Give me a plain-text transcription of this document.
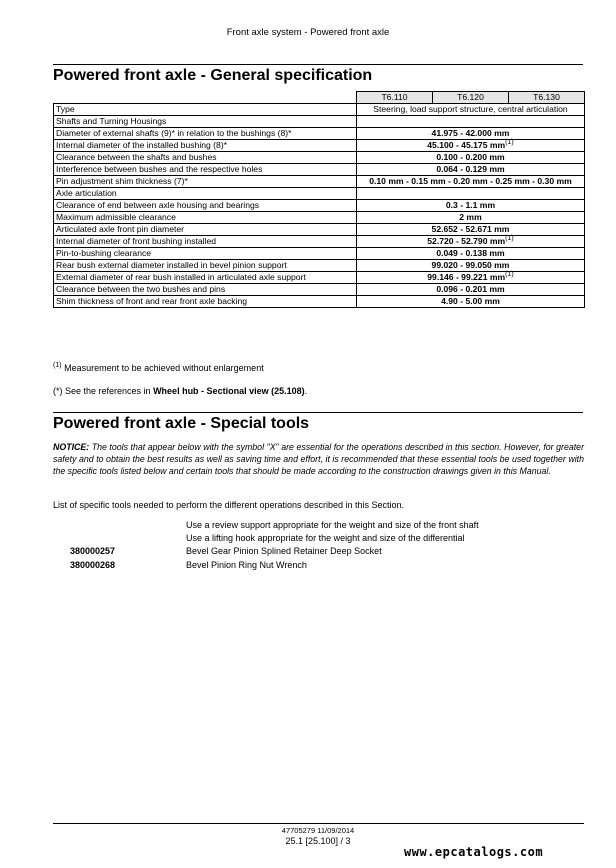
Front axle system - Powered front axle
Powered front axle - General specification
	T6.110	T6.120	T6.130
Type	Steering, load support structure, central articulation		
Shafts and Turning Housings			
Diameter of external shafts (9)* in relation to the bushings (8)*	41.975 - 42.000 mm		
Internal diameter of the installed bushing (8)*	45.100 - 45.175 $mm^{(1)}$
Clearance between the shafts and bushes	0.100 - 0.200 mm		
Interference between bushes and the respective holes	0.064 - 0.129 mm		
Pin adjustment shim thickness (7)*	0.10 mm - 0.15 mm - 0.20 mm - 0.25 mm - 0.30 mm		
Axle articulation			
Clearance of end between axle housing and bearings	0.3 - 1.1 mm		
Maximum admissible clearance	2 mm		
Articulated axle front pin diameter	52.652 - 52.671 mm		
Internal diameter of front bushing installed	52.720 - 52.790 $mm^{(1)}$
Pin-to-bushing clearance	0.049 - 0.138 mm		
Rear bush external diameter installed in bevel pinion support	99.020 - 99.050 mm		
External diameter of rear bush installed in articulated axle support	99.146 - 99.221 $mm^{(1)}$
Clearance between the two bushes and pins	0.096 - 0.201 mm		
Shim thickness of front and rear front axle backing	4.90 - 5.00 mm		
$^{(1)}$ Measurement to be achieved without enlargement
(*) See the references in Wheel hub - Sectional view (25.108).
Powered front axle - Special tools
NOTICE: The tools that appear below with the symbol "X" are essential for the operations described in this section. However, for greater safety and to obtain the best results as well as saving time and effort, it is recommended that these essential tools be used together with the specific tools listed below and certain tools that should be made according to the construction drawings given in this Manual.
List of specific tools needed to perform the different operations described in this Section.
Use a review support appropriate for the weight and size of the front shaft
Use a lifting hook appropriate for the weight and size of the differential
380000257	Bevel Gear Pinion Splined Retainer Deep Socket
380000268	Bevel Pinion Ring Nut Wrench
47705279 11/09/2014
25.1 [25.100] / 3
www.epcatalogs.com
